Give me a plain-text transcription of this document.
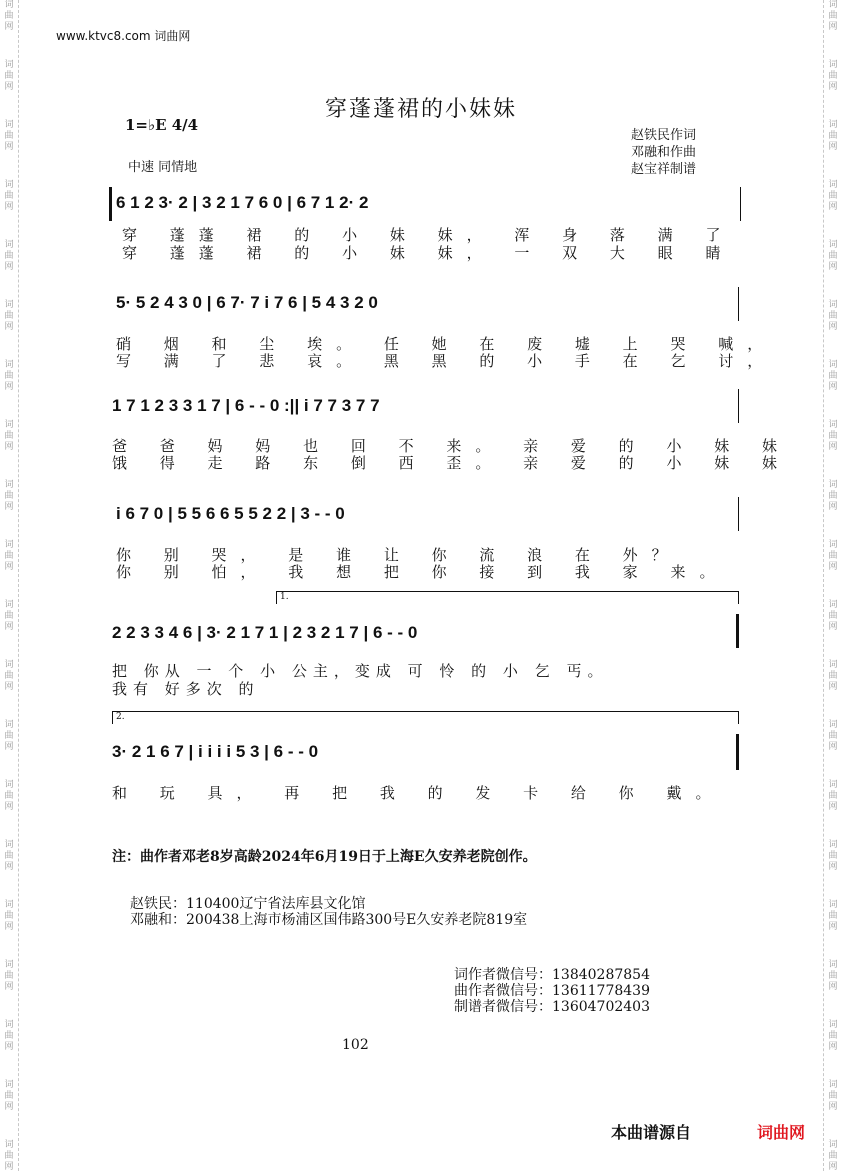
词
曲
网
词
曲
网
词
曲
网
词
曲
网
词
曲
网
词
曲
网
词
曲
网
词
曲
网
词
曲
网
词
曲
网
词
曲
网
词
曲
网
词
曲
网
词
曲
网
词
曲
网
词
曲
网
词
曲
网
词
曲
网
词
曲
网
词
曲
网
词
曲
网
词
曲
网
词
曲
网
词
曲
网
词
曲
网
词
曲
网
词
曲
网
词
曲
网
词
曲
网
词
曲
网
词
曲
网
词
曲
网
词
曲
网
词
曲
网
词
曲
网
词
曲
网
词
曲
网
词
曲
网
词
曲
网
词
曲
网
www.ktvc8.com 词曲网
穿蓬蓬裙的小妹妹
1=♭E 4/4
中速 同情地
赵铁民作词
邓融和作曲
赵宝祥制谱
6 1 2 3· 2 | 3 2 1 7 6 0 | 6 7 1 2· 2
穿 蓬蓬 裙 的 小 妹 妹， 浑 身 落 满 了
穿 蓬蓬 裙 的 小 妹 妹， 一 双 大 眼 睛
5· 5 2 4 3 0 | 6 7· 7 i 7 6 | 5 4 3 2 0
硝 烟 和 尘 埃。 任 她 在 废 墟 上 哭 喊，
写 满 了 悲 哀。 黑 黑 的 小 手 在 乞 讨，
1 7 1 2 3 3 1 7 | 6 - - 0 :|| i 7 7 3 7 7
爸 爸 妈 妈 也 回 不 来。 亲 爱 的 小 妹 妹
饿 得 走 路 东 倒 西 歪。 亲 爱 的 小 妹 妹
i 6 7 0 | 5 5 6 6 5 5 2 2 | 3 - - 0
你 别 哭， 是 谁 让 你 流 浪 在 外？
你 别 怕， 我 想 把 你 接 到 我 家 来。
1.
2 2 3 3 4 6 | 3· 2 1 7 1 | 2 3 2 1 7 | 6 - - 0
把 你从 一 个 小 公主，变成 可 怜 的 小 乞 丐。
我有 好多次 的
2.
3· 2 1 6 7 | i i i i 5 3 | 6 - - 0
和 玩 具， 再 把 我 的 发 卡 给 你 戴。
注：曲作者邓老8岁高龄2024年6月19日于上海E久安养老院创作。
赵铁民：110400辽宁省法库县文化馆
邓融和：200438上海市杨浦区国伟路300号E久安养老院819室
词作者微信号：13840287854
曲作者微信号：13611778439
制谱者微信号：13604702403
102
本曲谱源自	词曲网
